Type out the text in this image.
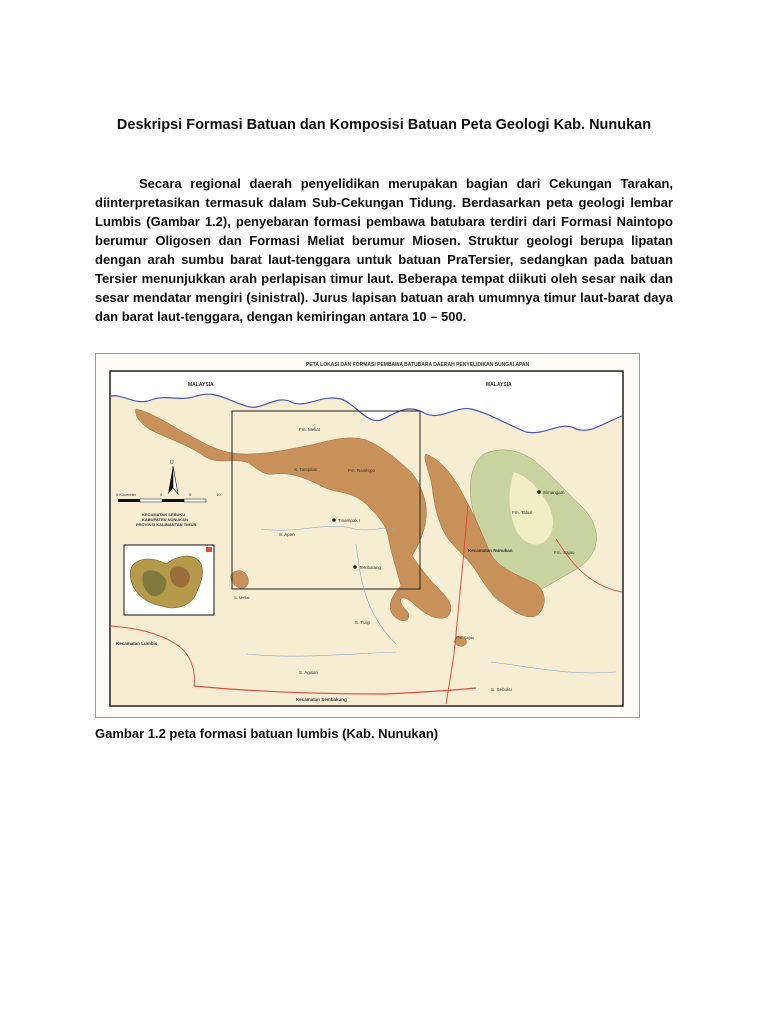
Deskripsi Formasi Batuan dan Komposisi Batuan Peta Geologi Kab. Nunukan
Secara regional daerah penyelidikan merupakan bagian dari Cekungan Tarakan, diinterpretasikan termasuk dalam Sub-Cekungan Tidung. Berdasarkan peta geologi lembar Lumbis (Gambar 1.2), penyebaran formasi pembawa batubara terdiri dari Formasi Naintopo berumur Oligosen dan Formasi Meliat berumur Miosen. Struktur geologi berupa lipatan dengan arah sumbu barat laut-tenggara untuk batuan PraTersier, sedangkan pada batuan Tersier menunjukkan arah perlapisan timur laut. Beberapa tempat diikuti oleh sesar naik dan sesar mendatar mengiri (sinistral). Jurus lapisan batuan arah umumnya timur laut-barat daya dan barat laut-tenggara, dengan kemiringan antara 10 – 500.
PETA LOKASI DAN FORMASI PEMBAWA BATUBARA DAERAH PENYELIDIKAN SUNGAI APAN
MALAYSIA	MALAYSIA
Fm. Meliat
S. Tampilan	Fm. Naintopo
Simangam
Fm. Tabul
S. Apan
Tinampak I
Kecamatan Nunukan	Fm. Sajau
Tembalang
S. Tulip
Fm. Sajau
S. Meliat
Kecamatan Lumbis
S. Agisan
S. Sebuku
Kecamatan Sembakung
U
5 Kilometer	0	5	10
KECAMATAN SEBUKU
KABUPATEN NUNUKAN
PROVINSI KALIMANTAN TIMUR
Gambar 1.2 peta formasi batuan lumbis (Kab. Nunukan)
